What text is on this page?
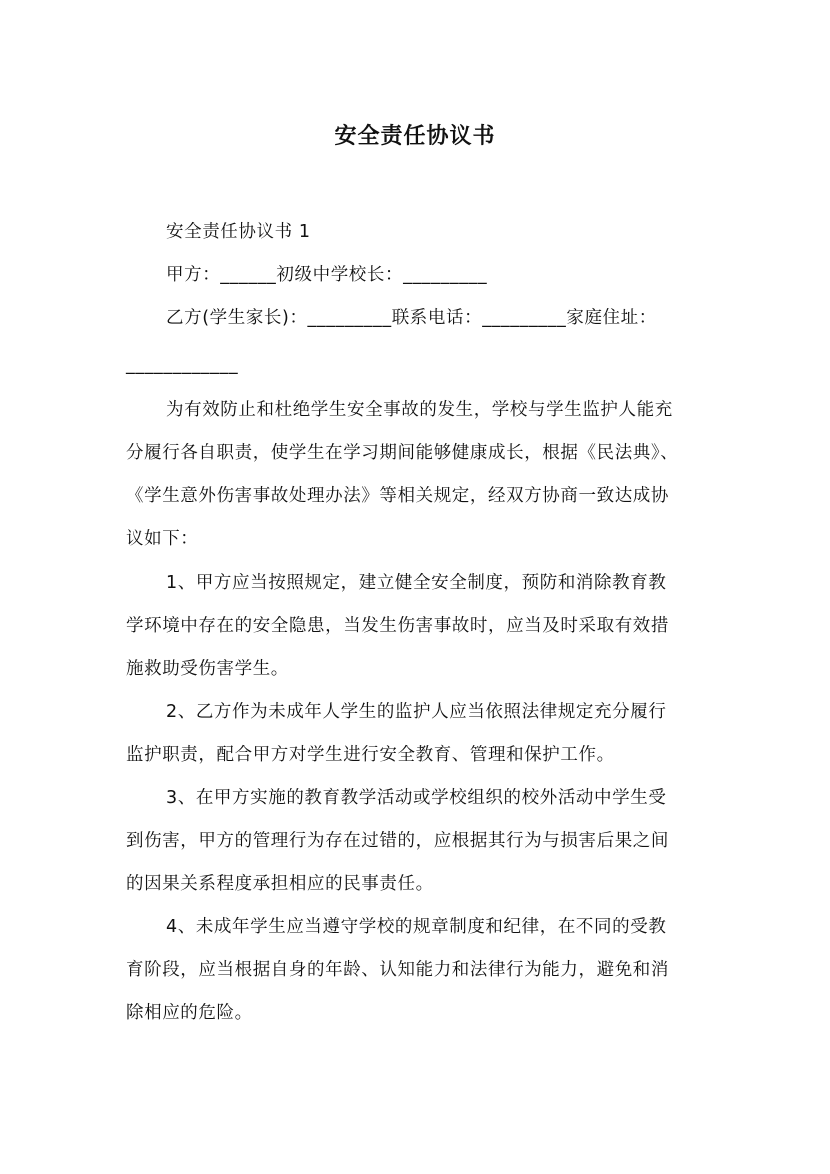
安全责任协议书
安全责任协议书 1
甲方：______初级中学校长：_________
乙方(学生家长)：_________联系电话：_________家庭住址：
____________
为有效防止和杜绝学生安全事故的发生，学校与学生监护人能充
分履行各自职责，使学生在学习期间能够健康成长，根据《民法典》、
《学生意外伤害事故处理办法》等相关规定，经双方协商一致达成协
议如下：
1、甲方应当按照规定，建立健全安全制度，预防和消除教育教
学环境中存在的安全隐患，当发生伤害事故时，应当及时采取有效措
施救助受伤害学生。
2、乙方作为未成年人学生的监护人应当依照法律规定充分履行
监护职责，配合甲方对学生进行安全教育、管理和保护工作。
3、在甲方实施的教育教学活动或学校组织的校外活动中学生受
到伤害，甲方的管理行为存在过错的，应根据其行为与损害后果之间
的因果关系程度承担相应的民事责任。
4、未成年学生应当遵守学校的规章制度和纪律，在不同的受教
育阶段，应当根据自身的年龄、认知能力和法律行为能力，避免和消
除相应的危险。
